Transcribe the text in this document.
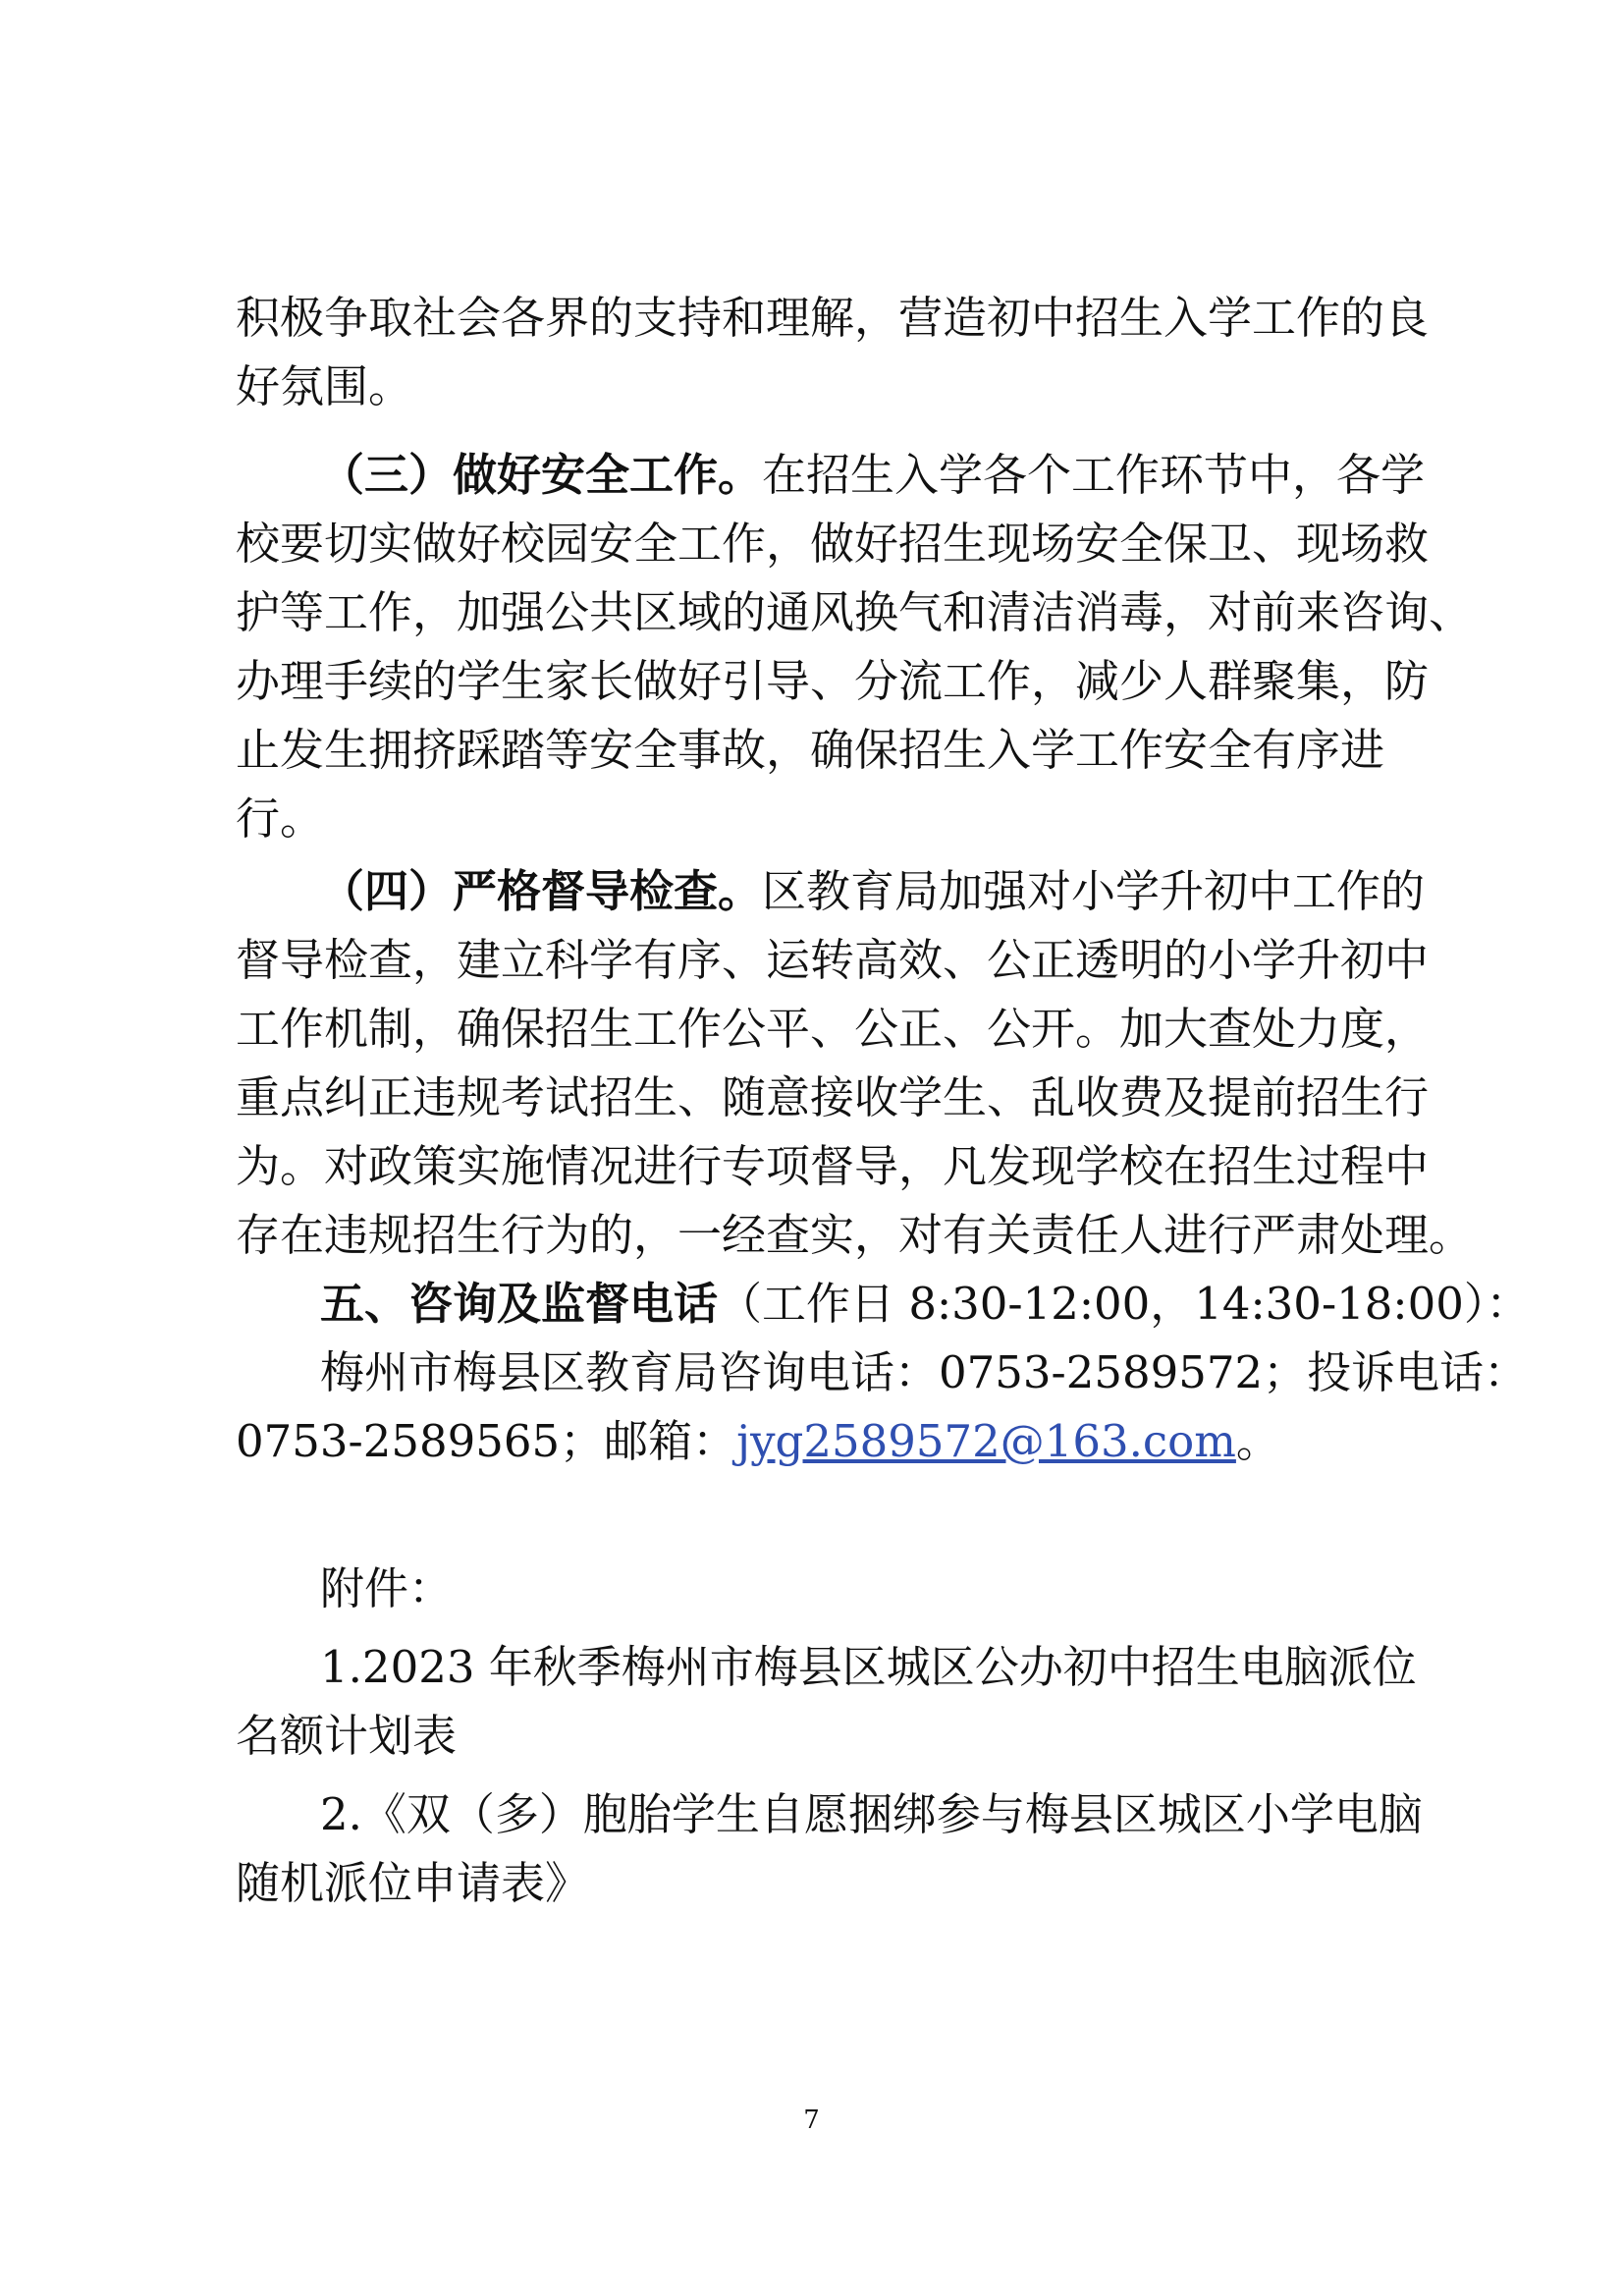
积极争取社会各界的支持和理解，营造初中招生入学工作的良
好氛围。
（三）做好安全工作。在招生入学各个工作环节中，各学
校要切实做好校园安全工作，做好招生现场安全保卫、现场救
护等工作，加强公共区域的通风换气和清洁消毒，对前来咨询、
办理手续的学生家长做好引导、分流工作，减少人群聚集，防
止发生拥挤踩踏等安全事故，确保招生入学工作安全有序进
行。
（四）严格督导检查。区教育局加强对小学升初中工作的
督导检查，建立科学有序、运转高效、公正透明的小学升初中
工作机制，确保招生工作公平、公正、公开。加大查处力度，
重点纠正违规考试招生、随意接收学生、乱收费及提前招生行
为。对政策实施情况进行专项督导，凡发现学校在招生过程中
存在违规招生行为的，一经查实，对有关责任人进行严肃处理。
五、咨询及监督电话（工作日 8:30-12:00，14:30-18:00）：
梅州市梅县区教育局咨询电话：0753-2589572；投诉电话：
0753-2589565；邮箱：jyg2589572@163.com。
附件：
1.2023 年秋季梅州市梅县区城区公办初中招生电脑派位
名额计划表
2.《双（多）胞胎学生自愿捆绑参与梅县区城区小学电脑
随机派位申请表》
7
